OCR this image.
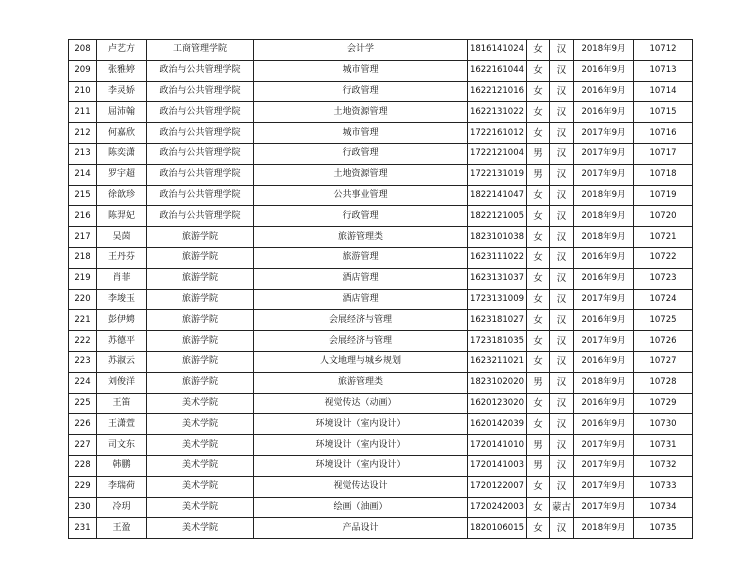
208	卢艺方	工商管理学院	会计学	1816141024	女	汉	2018年9月	10712
209	张雅婷	政治与公共管理学院	城市管理	1622161044	女	汉	2016年9月	10713
210	李灵娇	政治与公共管理学院	行政管理	1622121016	女	汉	2016年9月	10714
211	屈沛翰	政治与公共管理学院	土地资源管理	1622131022	女	汉	2016年9月	10715
212	何嘉欣	政治与公共管理学院	城市管理	1722161012	女	汉	2017年9月	10716
213	陈奕潇	政治与公共管理学院	行政管理	1722121004	男	汉	2017年9月	10717
214	罗宇超	政治与公共管理学院	土地资源管理	1722131019	男	汉	2017年9月	10718
215	徐歆珍	政治与公共管理学院	公共事业管理	1822141047	女	汉	2018年9月	10719
216	陈羿妃	政治与公共管理学院	行政管理	1822121005	女	汉	2018年9月	10720
217	吴茵	旅游学院	旅游管理类	1823101038	女	汉	2018年9月	10721
218	王丹芬	旅游学院	旅游管理	1623111022	女	汉	2016年9月	10722
219	肖菲	旅游学院	酒店管理	1623131037	女	汉	2016年9月	10723
220	李埈玉	旅游学院	酒店管理	1723131009	女	汉	2017年9月	10724
221	彭伊娉	旅游学院	会展经济与管理	1623181027	女	汉	2016年9月	10725
222	苏德平	旅游学院	会展经济与管理	1723181035	女	汉	2017年9月	10726
223	苏淑云	旅游学院	人文地理与城乡规划	1623211021	女	汉	2016年9月	10727
224	刘俊洋	旅游学院	旅游管理类	1823102020	男	汉	2018年9月	10728
225	王笛	美术学院	视觉传达（动画）	1620123020	女	汉	2016年9月	10729
226	王潇萱	美术学院	环境设计（室内设计）	1620142039	女	汉	2016年9月	10730
227	司文东	美术学院	环境设计（室内设计）	1720141010	男	汉	2017年9月	10731
228	韩鹏	美术学院	环境设计（室内设计）	1720141003	男	汉	2017年9月	10732
229	李瑞荷	美术学院	视觉传达设计	1720122007	女	汉	2017年9月	10733
230	冷玥	美术学院	绘画（油画）	1720242003	女	蒙古	2017年9月	10734
231	王盈	美术学院	产品设计	1820106015	女	汉	2018年9月	10735
